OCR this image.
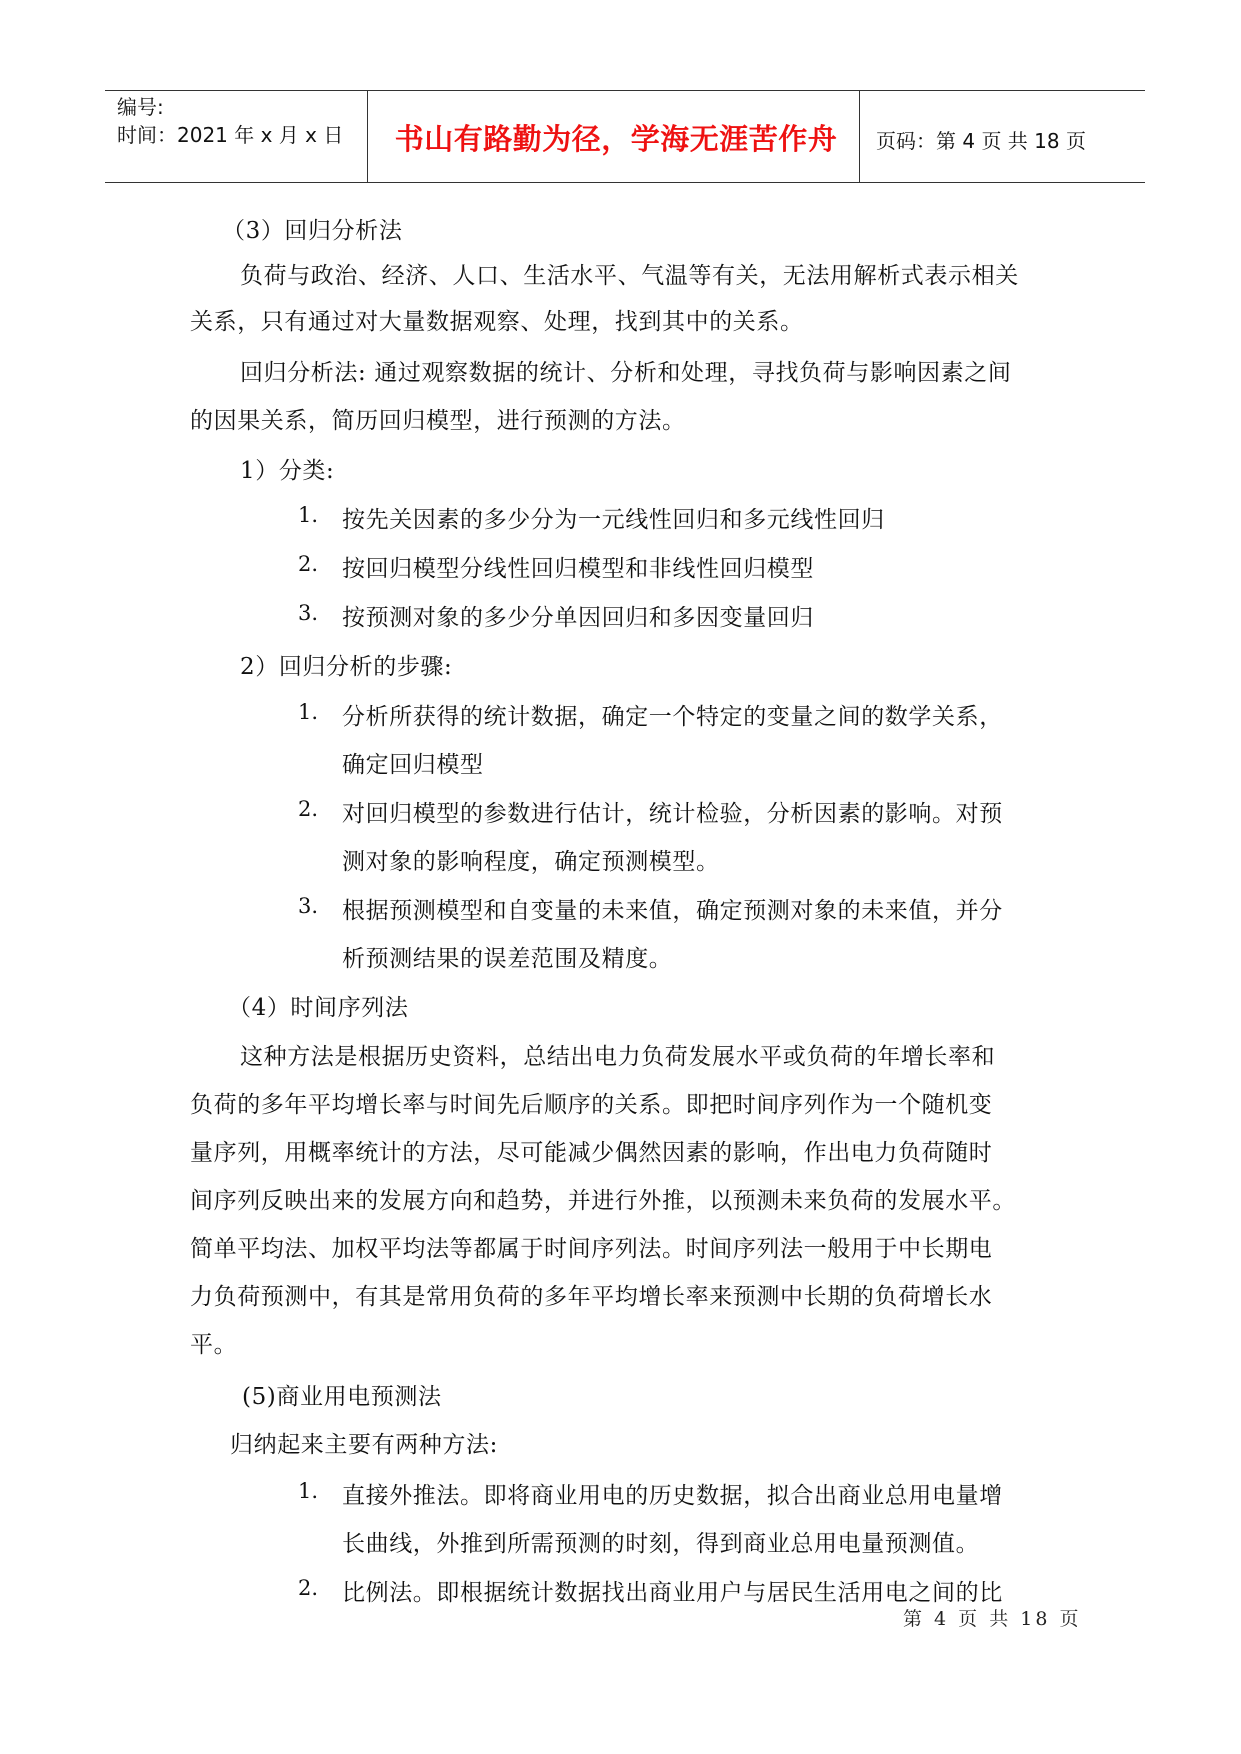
编号:
时间：2021 年 x 月 x 日	书山有路勤为径，学海无涯苦作舟	页码：第 4 页 共 18 页
（3）回归分析法
负荷与政治、经济、人口、生活水平、气温等有关，无法用解析式表示相关
关系，只有通过对大量数据观察、处理，找到其中的关系。
回归分析法: 通过观察数据的统计、分析和处理，寻找负荷与影响因素之间
的因果关系，简历回归模型，进行预测的方法。
1）分类:
1. 按先关因素的多少分为一元线性回归和多元线性回归
2. 按回归模型分线性回归模型和非线性回归模型
3. 按预测对象的多少分单因回归和多因变量回归
2）回归分析的步骤:
1. 分析所获得的统计数据，确定一个特定的变量之间的数学关系，
确定回归模型
2. 对回归模型的参数进行估计，统计检验，分析因素的影响。对预
测对象的影响程度，确定预测模型。
3. 根据预测模型和自变量的未来值，确定预测对象的未来值，并分
析预测结果的误差范围及精度。
（4）时间序列法
这种方法是根据历史资料，总结出电力负荷发展水平或负荷的年增长率和
负荷的多年平均增长率与时间先后顺序的关系。即把时间序列作为一个随机变
量序列，用概率统计的方法，尽可能减少偶然因素的影响，作出电力负荷随时
间序列反映出来的发展方向和趋势，并进行外推，以预测未来负荷的发展水平。
简单平均法、加权平均法等都属于时间序列法。时间序列法一般用于中长期电
力负荷预测中，有其是常用负荷的多年平均增长率来预测中长期的负荷增长水
平。
(5)商业用电预测法
归纳起来主要有两种方法:
1. 直接外推法。即将商业用电的历史数据，拟合出商业总用电量增
长曲线，外推到所需预测的时刻，得到商业总用电量预测值。
2. 比例法。即根据统计数据找出商业用户与居民生活用电之间的比
第 4 页 共 18 页
